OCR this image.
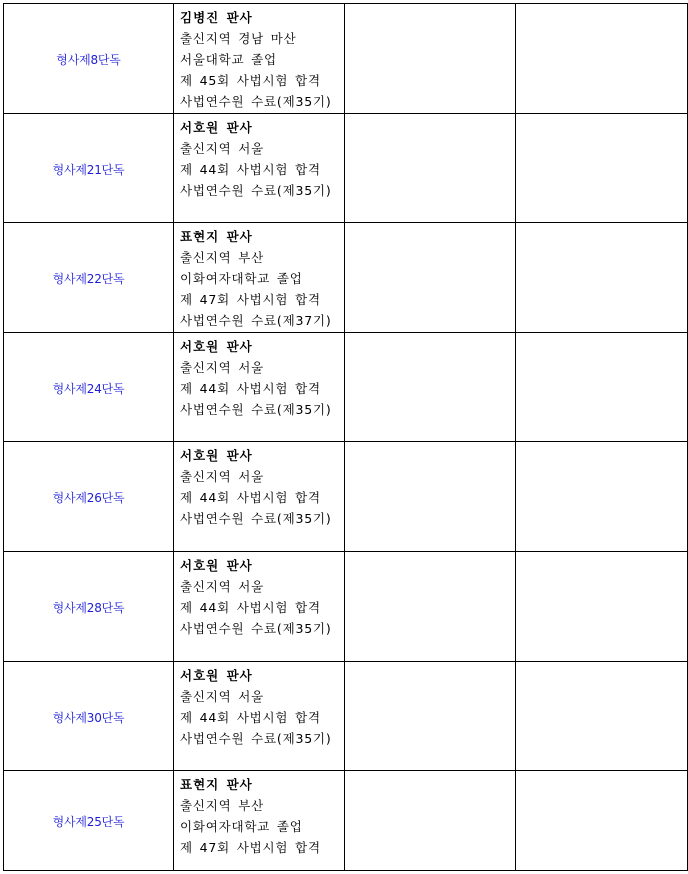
형사제8단독	김병진 판사
출신지역 경남 마산
서울대학교 졸업
제 45회 사법시험 합격
사법연수원 수료(제35기)		

형사제21단독	서호원 판사
출신지역 서울
제 44회 사법시험 합격
사법연수원 수료(제35기)		

형사제22단독	표현지 판사
출신지역 부산
이화여자대학교 졸업
제 47회 사법시험 합격
사법연수원 수료(제37기)		

형사제24단독	서호원 판사
출신지역 서울
제 44회 사법시험 합격
사법연수원 수료(제35기)		

형사제26단독	서호원 판사
출신지역 서울
제 44회 사법시험 합격
사법연수원 수료(제35기)		

형사제28단독	서호원 판사
출신지역 서울
제 44회 사법시험 합격
사법연수원 수료(제35기)		

형사제30단독	서호원 판사
출신지역 서울
제 44회 사법시험 합격
사법연수원 수료(제35기)		

형사제25단독	표현지 판사
출신지역 부산
이화여자대학교 졸업
제 47회 사법시험 합격		
